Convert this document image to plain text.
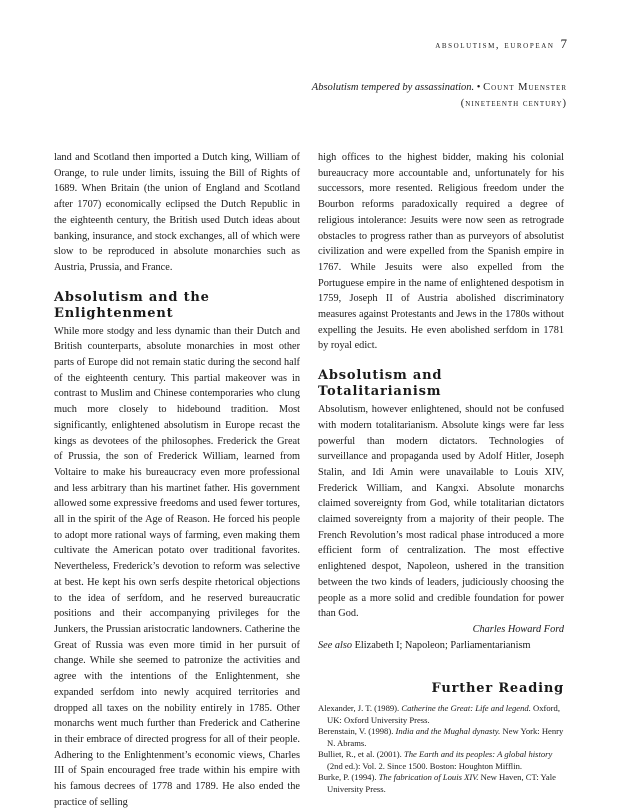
absolutism, european 7
Absolutism tempered by assassination. • Count Muenster
(nineteenth century)

land and Scotland then imported a Dutch king, William of Orange, to rule under limits, issuing the Bill of Rights of 1689. When Britain (the union of England and Scotland after 1707) economically eclipsed the Dutch Republic in the eighteenth century, the British used Dutch ideas about banking, insurance, and stock exchanges, all of which were slow to be reproduced in absolute monarchies such as Austria, Prussia, and France.

Absolutism and the
Enlightenment

While more stodgy and less dynamic than their Dutch and British counterparts, absolute monarchies in most other parts of Europe did not remain static during the second half of the eighteenth century. This partial makeover was in contrast to Muslim and Chinese contemporaries who clung much more closely to hidebound tradition. Most significantly, enlightened absolutism in Europe recast the kings as devotees of the philosophes. Frederick the Great of Prussia, the son of Frederick William, learned from Voltaire to make his bureaucracy even more professional and less arbitrary than his martinet father. His government allowed some expressive freedoms and used fewer tortures, all in the spirit of the Age of Reason. He forced his people to adopt more rational ways of farming, even making them cultivate the American potato over traditional favorites. Nevertheless, Frederick’s devotion to reform was selective at best. He kept his own serfs despite rhetorical objections to the idea of serfdom, and he reserved bureaucratic positions and their accompanying privileges for the Junkers, the Prussian aristocratic landowners. Catherine the Great of Russia was even more timid in her pursuit of change. While she seemed to patronize the activities and agree with the intentions of the Enlightenment, she expanded serfdom into newly acquired territories and dropped all taxes on the nobility entirely in 1785. Other monarchs went much further than Frederick and Catherine in their embrace of directed progress for all of their people. Adhering to the Enlightenment’s economic views, Charles III of Spain encouraged free trade within his empire with his famous decrees of 1778 and 1789. He also ended the practice of selling

high offices to the highest bidder, making his colonial bureaucracy more accountable and, unfortunately for his successors, more resented. Religious freedom under the Bourbon reforms paradoxically required a degree of religious intolerance: Jesuits were now seen as retrograde obstacles to progress rather than as purveyors of absolutist civilization and were expelled from the Spanish empire in 1767. While Jesuits were also expelled from the Portuguese empire in the name of enlightened despotism in 1759, Joseph II of Austria abolished discriminatory measures against Protestants and Jews in the 1780s without expelling the Jesuits. He even abolished serfdom in 1781 by royal edict.

Absolutism and
Totalitarianism

Absolutism, however enlightened, should not be confused with modern totalitarianism. Absolute kings were far less powerful than modern dictators. Technologies of surveillance and propaganda used by Adolf Hitler, Joseph Stalin, and Idi Amin were unavailable to Louis XIV, Frederick William, and Kangxi. Absolute monarchs claimed sovereignty from God, while totalitarian dictators claimed sovereignty from a majority of their people. The French Revolution’s most radical phase introduced a more efficient form of centralization. The most effective enlightened despot, Napoleon, ushered in the transition between the two kinds of leaders, judiciously choosing the people as a more solid and credible foundation for power than God.

Charles Howard Ford

See also Elizabeth I; Napoleon; Parliamentarianism

Further Reading

Alexander, J. T. (1989). Catherine the Great: Life and legend. Oxford, UK: Oxford University Press.

Berenstain, V. (1998). India and the Mughal dynasty. New York: Henry N. Abrams.

Bulliet, R., et al. (2001). The Earth and its peoples: A global history (2nd ed.): Vol. 2. Since 1500. Boston: Houghton Mifflin.

Burke, P. (1994). The fabrication of Louis XIV. New Haven, CT: Yale University Press.
